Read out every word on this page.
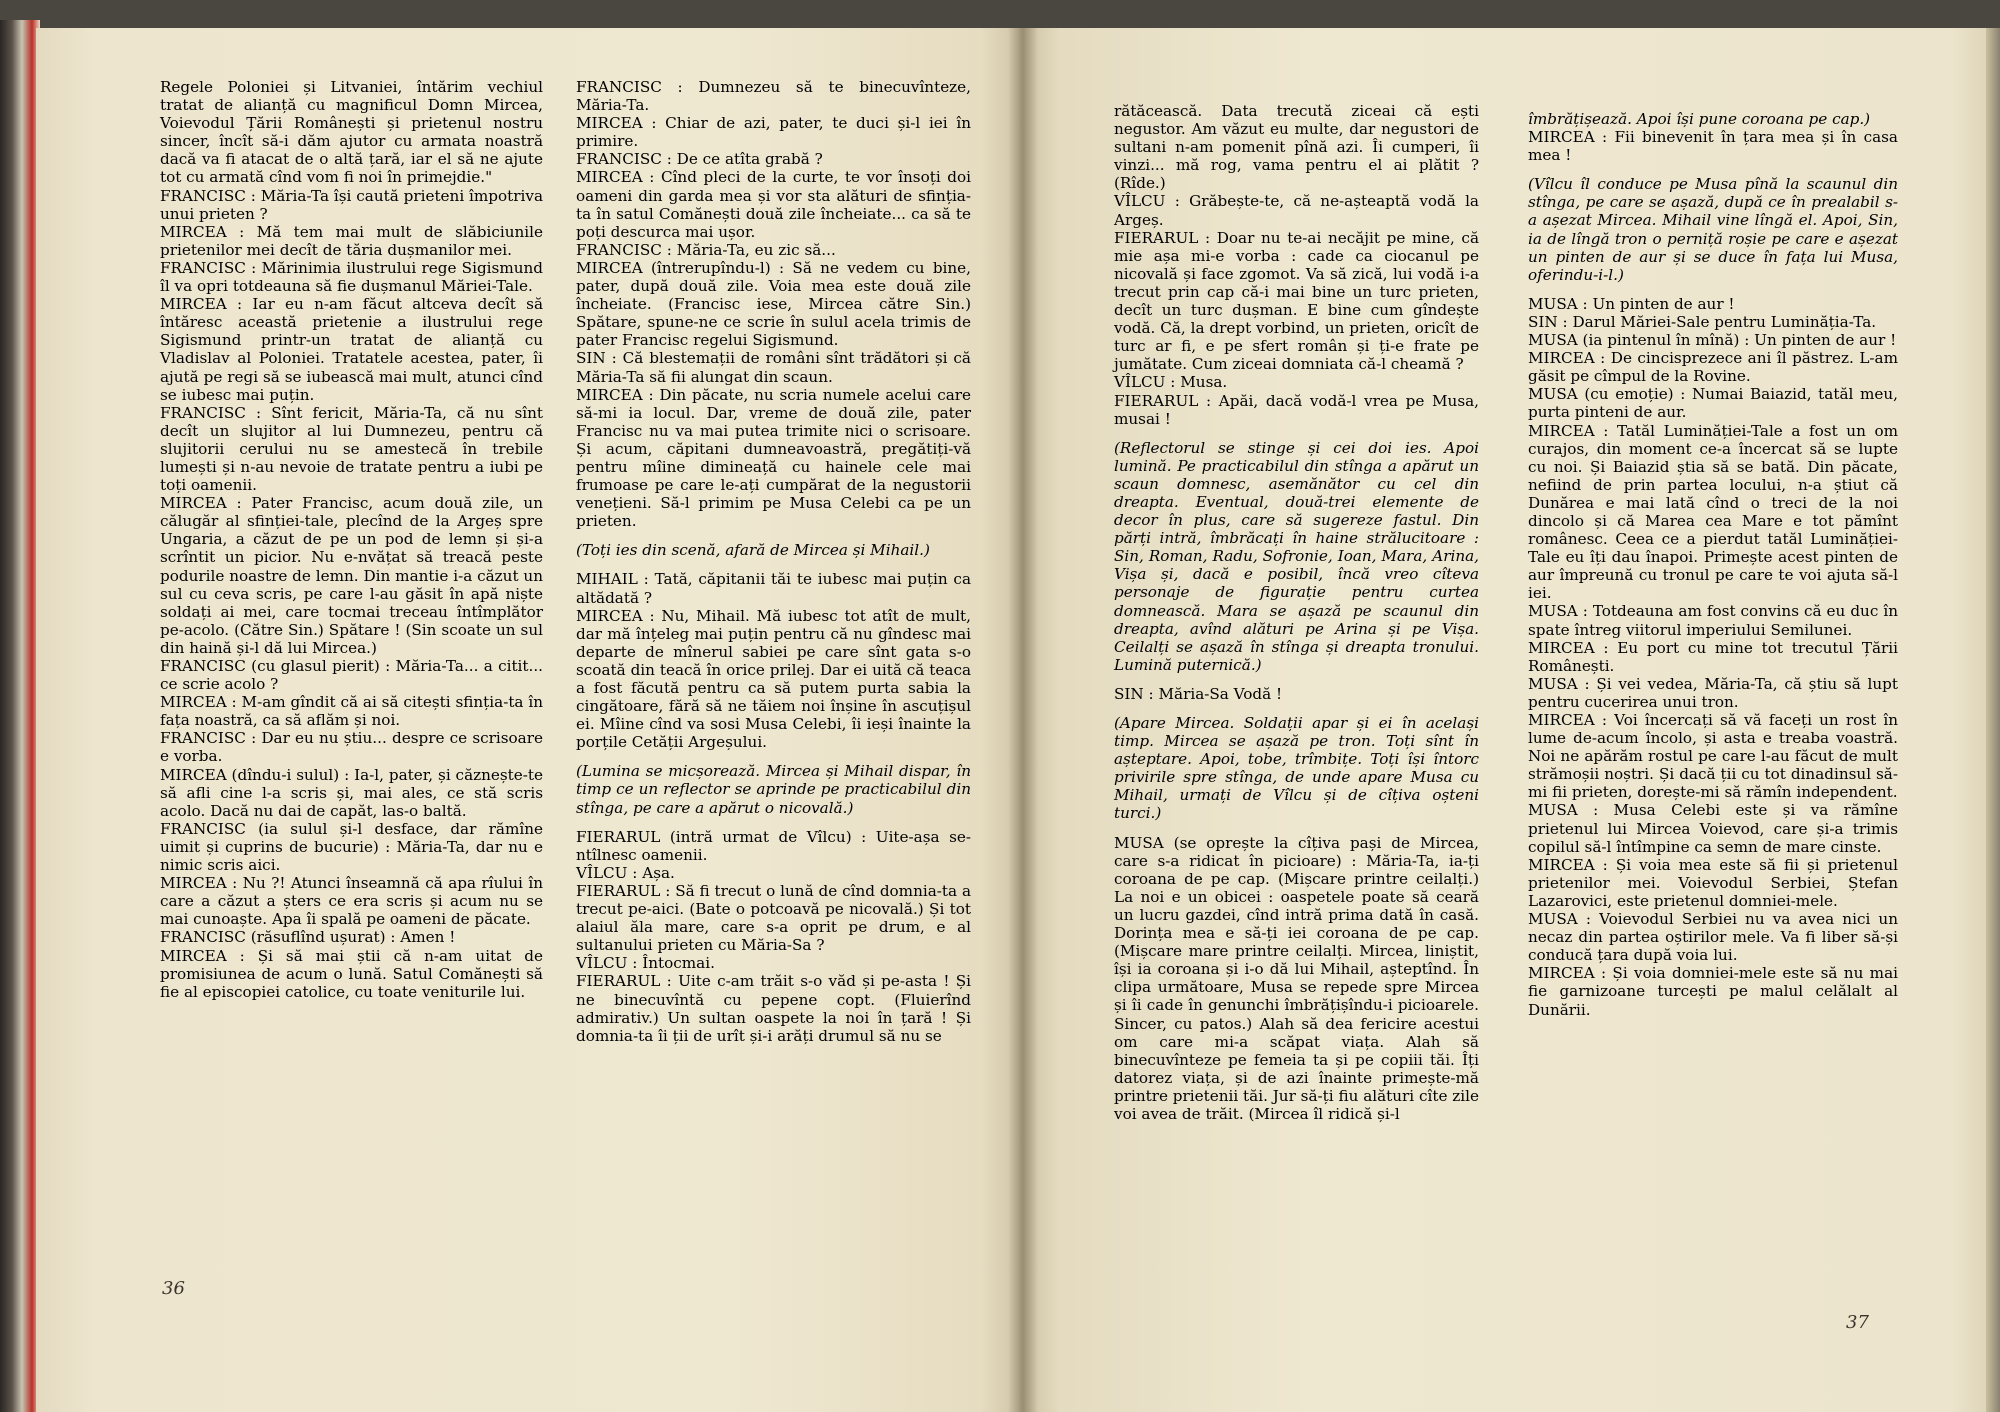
Regele Poloniei și Litvaniei, întărim vechiul tratat de alianță cu magnificul Domn Mircea, Voievodul Țării Românești și prietenul nostru sincer, încît să-i dăm ajutor cu armata noastră dacă va fi atacat de o altă țară, iar el să ne ajute tot cu armată cînd vom fi noi în primejdie."

FRANCISC : Măria-Ta își caută prieteni împotriva unui prieten ?

MIRCEA : Mă tem mai mult de slăbiciunile prietenilor mei decît de tăria dușmanilor mei.

FRANCISC : Mărinimia ilustrului rege Sigismund îl va opri totdeauna să fie dușmanul Măriei-Tale.

MIRCEA : Iar eu n-am făcut altceva decît să întăresc această prietenie a ilustrului rege Sigismund printr-un tratat de alianță cu Vladislav al Poloniei. Tratatele acestea, pater, îi ajută pe regi să se iubească mai mult, atunci cînd se iubesc mai puțin.

FRANCISC : Sînt fericit, Măria-Ta, că nu sînt decît un slujitor al lui Dumnezeu, pentru că slujitorii cerului nu se amestecă în trebile lumești și n-au nevoie de tratate pentru a iubi pe toți oamenii.

MIRCEA : Pater Francisc, acum două zile, un călugăr al sfinției-tale, plecînd de la Argeș spre Ungaria, a căzut de pe un pod de lemn și și-a scrîntit un picior. Nu e-nvățat să treacă peste podurile noastre de lemn. Din mantie i-a căzut un sul cu ceva scris, pe care l-au găsit în apă niște soldați ai mei, care tocmai treceau întîmplător pe-acolo. (Către Sin.) Spătare ! (Sin scoate un sul din haină și-l dă lui Mircea.)

FRANCISC (cu glasul pierit) : Măria-Ta... a citit... ce scrie acolo ?

MIRCEA : M-am gîndit că ai să citești sfinția-ta în fața noastră, ca să aflăm și noi.

FRANCISC : Dar eu nu știu... despre ce scrisoare e vorba.

MIRCEA (dîndu-i sulul) : Ia-l, pater, și căznește-te să afli cine l-a scris și, mai ales, ce stă scris acolo. Dacă nu dai de capăt, las-o baltă.

FRANCISC (ia sulul și-l desface, dar rămîne uimit și cuprins de bucurie) : Măria-Ta, dar nu e nimic scris aici.

MIRCEA : Nu ?! Atunci înseamnă că apa rîului în care a căzut a șters ce era scris și acum nu se mai cunoaște. Apa îi spală pe oameni de păcate.

FRANCISC (răsuflînd ușurat) : Amen !

MIRCEA : Și să mai știi că n-am uitat de promisiunea de acum o lună. Satul Comănești să fie al episcopiei catolice, cu toate veniturile lui.

FRANCISC : Dumnezeu să te binecuvînteze, Măria-Ta.

MIRCEA : Chiar de azi, pater, te duci și-l iei în primire.

FRANCISC : De ce atîta grabă ?

MIRCEA : Cînd pleci de la curte, te vor însoți doi oameni din garda mea și vor sta alături de sfinția-ta în satul Comănești două zile încheiate... ca să te poți descurca mai ușor.

FRANCISC : Măria-Ta, eu zic să...

MIRCEA (întrerupîndu-l) : Să ne vedem cu bine, pater, după două zile. Voia mea este două zile încheiate. (Francisc iese, Mircea către Sin.) Spătare, spune-ne ce scrie în sulul acela trimis de pater Francisc regelui Sigismund.

SIN : Că blestemații de români sînt trădători și că Măria-Ta să fii alungat din scaun.

MIRCEA : Din păcate, nu scria numele acelui care să-mi ia locul. Dar, vreme de două zile, pater Francisc nu va mai putea trimite nici o scrisoare. Și acum, căpitani dumneavoastră, pregătiți-vă pentru mîine dimineață cu hainele cele mai frumoase pe care le-ați cumpărat de la negustorii venețieni. Să-l primim pe Musa Celebi ca pe un prieten.

(Toți ies din scenă, afară de Mircea și Mihail.)

MIHAIL : Tată, căpitanii tăi te iubesc mai puțin ca altădată ?

MIRCEA : Nu, Mihail. Mă iubesc tot atît de mult, dar mă înțeleg mai puțin pentru că nu gîndesc mai departe de mînerul sabiei pe care sînt gata s-o scoată din teacă în orice prilej. Dar ei uită că teaca a fost făcută pentru ca să putem purta sabia la cingătoare, fără să ne tăiem noi înșine în ascuțișul ei. Mîine cînd va sosi Musa Celebi, îi ieși înainte la porțile Cetății Argeșului.

(Lumina se micșorează. Mircea și Mihail dispar, în timp ce un reflector se aprinde pe practicabilul din stînga, pe care a apărut o nicovală.)

FIERARUL (intră urmat de Vîlcu) : Uite-așa se-ntîlnesc oamenii.

VÎLCU : Așa.

FIERARUL : Să fi trecut o lună de cînd domnia-ta a trecut pe-aici. (Bate o potcoavă pe nicovală.) Și tot alaiul ăla mare, care s-a oprit pe drum, e al sultanului prieten cu Măria-Sa ?

VÎLCU : Întocmai.

FIERARUL : Uite c-am trăit s-o văd și pe-asta ! Și ne binecuvîntă cu pepene copt. (Fluierînd admirativ.) Un sultan oaspete la noi în țară ! Și domnia-ta îi ții de urît și-i arăți drumul să nu se

36

rătăcească. Data trecută ziceai că ești negustor. Am văzut eu multe, dar negustori de sultani n-am pomenit pînă azi. Îi cumperi, îi vinzi... mă rog, vama pentru el ai plătit ? (Rîde.)

VÎLCU : Grăbește-te, că ne-așteaptă vodă la Argeș.

FIERARUL : Doar nu te-ai necăjit pe mine, că mie așa mi-e vorba : cade ca ciocanul pe nicovală și face zgomot. Va să zică, lui vodă i-a trecut prin cap că-i mai bine un turc prieten, decît un turc dușman. E bine cum gîndește vodă. Că, la drept vorbind, un prieten, oricît de turc ar fi, e pe sfert român și ți-e frate pe jumătate. Cum ziceai domniata că-l cheamă ?

VÎLCU : Musa.

FIERARUL : Apăi, dacă vodă-l vrea pe Musa, musai !

(Reflectorul se stinge și cei doi ies. Apoi lumină. Pe practicabilul din stînga a apărut un scaun domnesc, asemănător cu cel din dreapta. Eventual, două-trei elemente de decor în plus, care să sugereze fastul. Din părți intră, îmbrăcați în haine strălucitoare : Sin, Roman, Radu, Sofronie, Ioan, Mara, Arina, Vișa și, dacă e posibil, încă vreo cîteva personaje de figurație pentru curtea domnească. Mara se așază pe scaunul din dreapta, avînd alături pe Arina și pe Vișa. Ceilalți se așază în stînga și dreapta tronului. Lumină puternică.)

SIN : Măria-Sa Vodă !

(Apare Mircea. Soldații apar și ei în același timp. Mircea se așază pe tron. Toți sînt în așteptare. Apoi, tobe, trîmbițe. Toți își întorc privirile spre stînga, de unde apare Musa cu Mihail, urmați de Vîlcu și de cîțiva oșteni turci.)

MUSA (se oprește la cîțiva pași de Mircea, care s-a ridicat în picioare) : Măria-Ta, ia-ți coroana de pe cap. (Mișcare printre ceilalți.) La noi e un obicei : oaspetele poate să ceară un lucru gazdei, cînd intră prima dată în casă. Dorința mea e să-ți iei coroana de pe cap. (Mișcare mare printre ceilalți. Mircea, liniștit, își ia coroana și i-o dă lui Mihail, așteptînd. În clipa următoare, Musa se repede spre Mircea și îi cade în genunchi îmbrățișîndu-i picioarele. Sincer, cu patos.) Alah să dea fericire acestui om care mi-a scăpat viața. Alah să binecuvînteze pe femeia ta și pe copiii tăi. Îți datorez viața, și de azi înainte primește-mă printre prietenii tăi. Jur să-ți fiu alături cîte zile voi avea de trăit. (Mircea îl ridică și-l

îmbrățișează. Apoi își pune coroana pe cap.)

MIRCEA : Fii binevenit în țara mea și în casa mea !

(Vîlcu îl conduce pe Musa pînă la scaunul din stînga, pe care se așază, după ce în prealabil s-a așezat Mircea. Mihail vine lîngă el. Apoi, Sin, ia de lîngă tron o perniță roșie pe care e așezat un pinten de aur și se duce în fața lui Musa, oferindu-i-l.)

MUSA : Un pinten de aur !

SIN : Darul Măriei-Sale pentru Luminăția-Ta.

MUSA (ia pintenul în mînă) : Un pinten de aur !

MIRCEA : De cincisprezece ani îl păstrez. L-am găsit pe cîmpul de la Rovine.

MUSA (cu emoție) : Numai Baiazid, tatăl meu, purta pinteni de aur.

MIRCEA : Tatăl Luminăției-Tale a fost un om curajos, din moment ce-a încercat să se lupte cu noi. Și Baiazid știa să se bată. Din păcate, nefiind de prin partea locului, n-a știut că Dunărea e mai lată cînd o treci de la noi dincolo și că Marea cea Mare e tot pămînt românesc. Ceea ce a pierdut tatăl Luminăției-Tale eu îți dau înapoi. Primește acest pinten de aur împreună cu tronul pe care te voi ajuta să-l iei.

MUSA : Totdeauna am fost convins că eu duc în spate întreg viitorul imperiului Semilunei.

MIRCEA : Eu port cu mine tot trecutul Țării Românești.

MUSA : Și vei vedea, Măria-Ta, că știu să lupt pentru cucerirea unui tron.

MIRCEA : Voi încercați să vă faceți un rost în lume de-acum încolo, și asta e treaba voastră. Noi ne apărăm rostul pe care l-au făcut de mult strămoșii noștri. Și dacă ții cu tot dinadinsul să-mi fii prieten, dorește-mi să rămîn independent.

MUSA : Musa Celebi este și va rămîne prietenul lui Mircea Voievod, care și-a trimis copilul să-l întîmpine ca semn de mare cinste.

MIRCEA : Și voia mea este să fii și prietenul prietenilor mei. Voievodul Serbiei, Ștefan Lazarovici, este prietenul domniei-mele.

MUSA : Voievodul Serbiei nu va avea nici un necaz din partea oștirilor mele. Va fi liber să-și conducă țara după voia lui.

MIRCEA : Și voia domniei-mele este să nu mai fie garnizoane turcești pe malul celălalt al Dunării.

37
